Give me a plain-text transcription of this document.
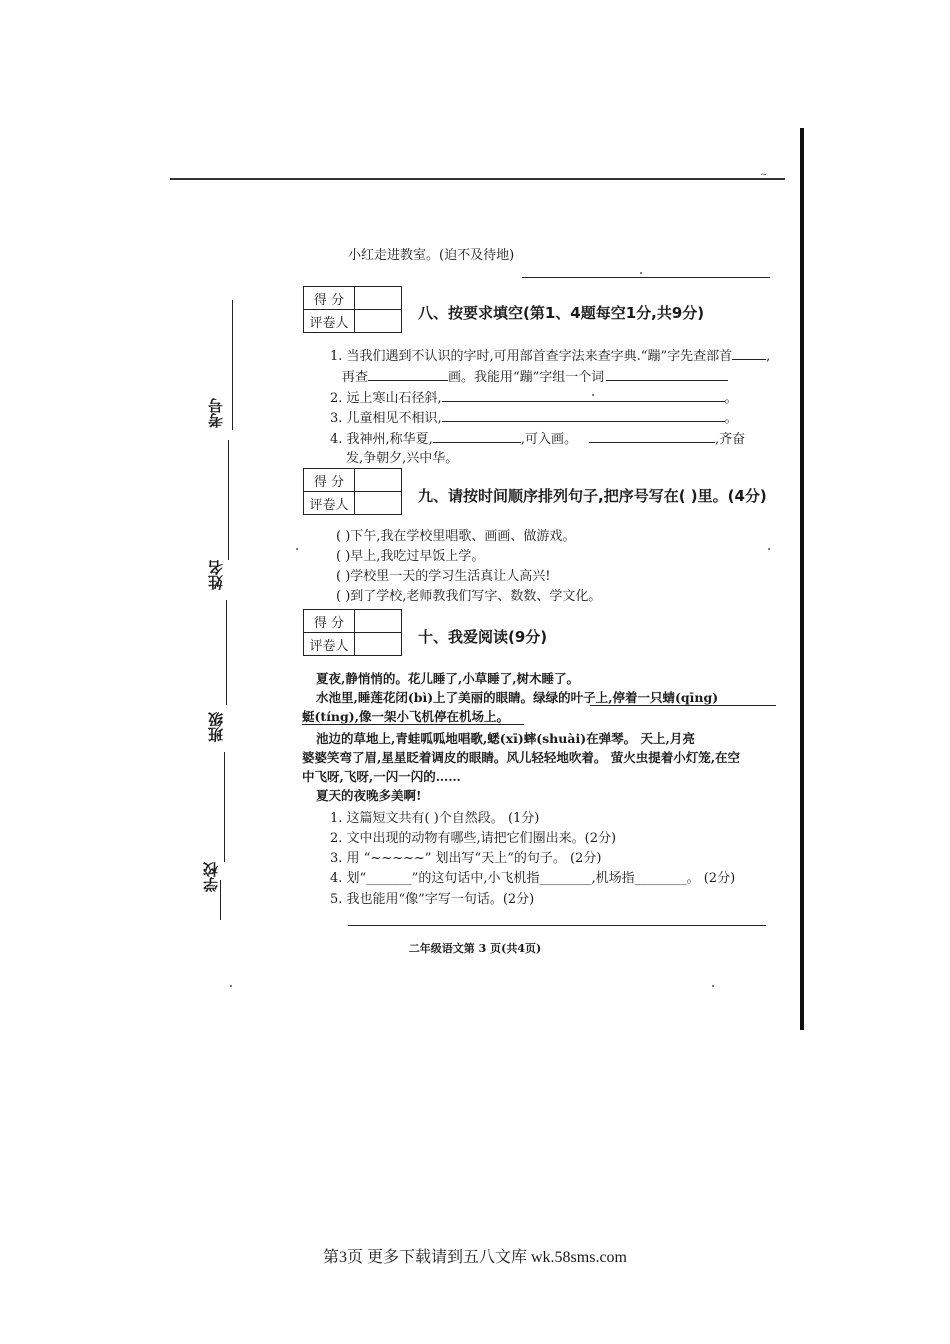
~
考号
姓名
班级
学校
小红走进教室。(迫不及待地)
得 分	
评卷人	
八、按要求填空(第1、4题每空1分,共9分)
1. 当我们遇到不认识的字时,可用部首查字法来查字典.“蹦”字先查部首	,
再查	画。我能用“蹦”字组一个词
2. 远上寒山石径斜,	。
3. 儿童相见不相识,	。
4. 我神州,称华夏,	,可入画。	,齐奋
发,争朝夕,兴中华。
得 分	
评卷人		九、请按时间顺序排列句子,把序号写在( )里。(4分)
( )下午,我在学校里唱歌、画画、做游戏。
( )早上,我吃过早饭上学。
( )学校里一天的学习生活真让人高兴!
( )到了学校,老师教我们写字、数数、学文化。
得 分	
评卷人		十、我爱阅读(9分)
夏夜,静悄悄的。花儿睡了,小草睡了,树木睡了。
水池里,睡莲花闭(bì)上了美丽的眼睛。绿绿的叶子上,停着一只蜻(qīng)
蜓(tíng),像一架小飞机停在机场上。
池边的草地上,青蛙呱呱地唱歌,蟋(xī)蟀(shuài)在弹琴。 天上,月亮
婆婆笑弯了眉,星星眨着调皮的眼睛。风儿轻轻地吹着。 萤火虫提着小灯笼,在空
中飞呀,飞呀,一闪一闪的……
夏天的夜晚多美啊!
1. 这篇短文共有( )个自然段。 (1分)
2. 文中出现的动物有哪些,请把它们圈出来。(2分)
3. 用 “~~~~~” 划出写“天上”的句子。 (2分)
4. 划“_______”的这句话中,小飞机指________,机场指________。 (2分)
5. 我也能用“像”字写一句话。(2分)
二年级语文第 3 页(共4页)
第3页 更多下载请到五八文库 wk.58sms.com
